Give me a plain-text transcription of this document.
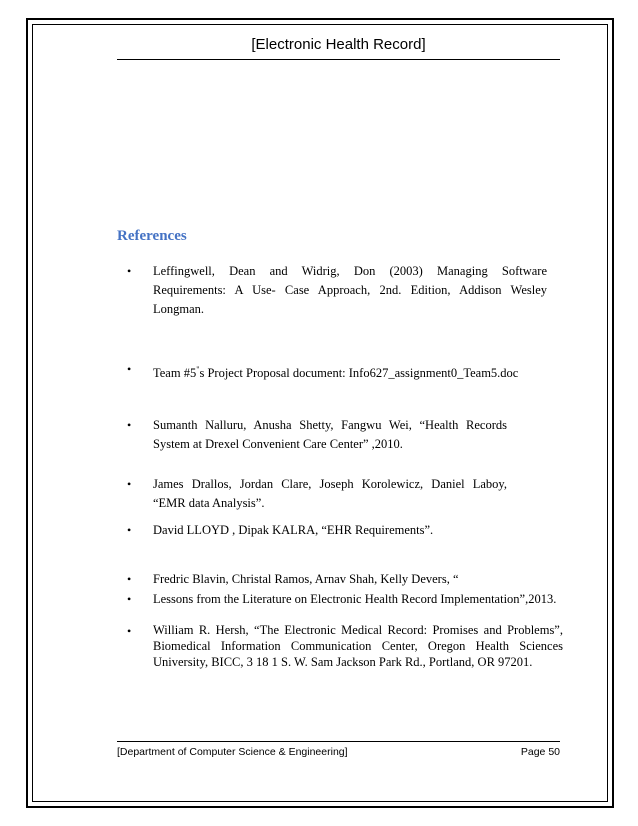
[Electronic Health Record]
References
• Leffingwell, Dean and Widrig, Don (2003) Managing Software
Requirements: A Use- Case Approach, 2nd. Edition, Addison Wesley
Longman.
• Team #5"s Project Proposal document: Info627_assignment0_Team5.doc
• Sumanth Nalluru, Anusha Shetty, Fangwu Wei, “Health Records
System at Drexel Convenient Care Center” ,2010.
• James Drallos, Jordan Clare, Joseph Korolewicz, Daniel Laboy,
“EMR data Analysis”.
• David LLOYD , Dipak KALRA, “EHR Requirements”.
• Fredric Blavin, Christal Ramos, Arnav Shah, Kelly Devers, “
• Lessons from the Literature on Electronic Health Record Implementation”,2013.
• William R. Hersh, “The Electronic Medical Record: Promises and Problems”,
Biomedical Information Communication Center, Oregon Health Sciences
University, BICC, 3 18 1 S. W. Sam Jackson Park Rd., Portland, OR 97201.
[Department of Computer Science & Engineering]	Page 50
